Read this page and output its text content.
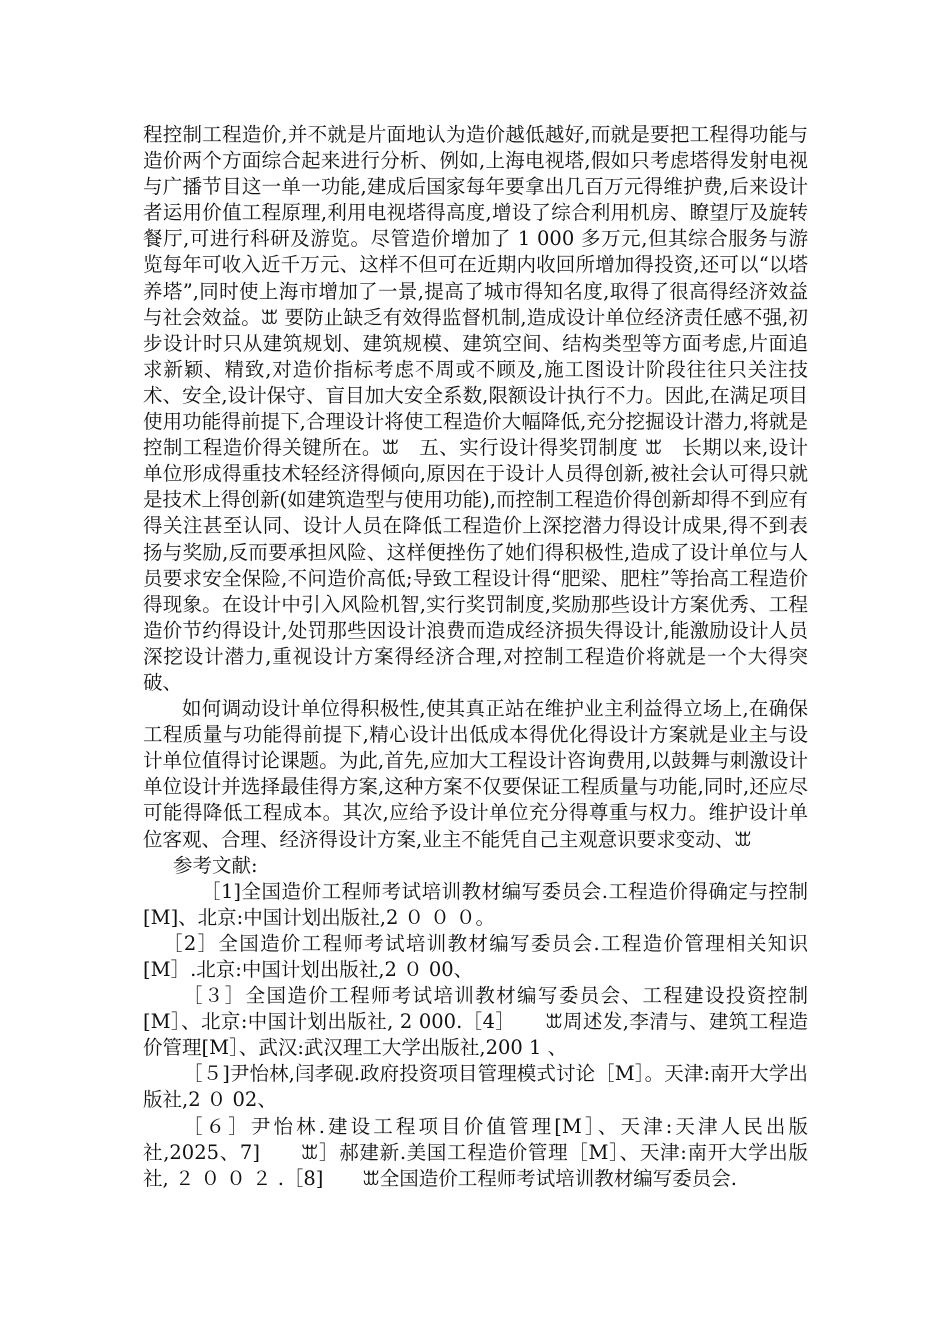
程控制工程造价,并不就是片面地认为造价越低越好,而就是要把工程得功能与造价两个方面综合起来进行分析、例如,上海电视塔,假如只考虑塔得发射电视与广播节目这一单一功能,建成后国家每年要拿出几百万元得维护费,后来设计者运用价值工程原理,利用电视塔得高度,增设了综合利用机房、瞭望厅及旋转餐厅,可进行科研及游览。尽管造价增加了 1 000 多万元,但其综合服务与游览每年可收入近千万元、这样不但可在近期内收回所增加得投资,还可以“以塔养塔”,同时使上海市增加了一景,提高了城市得知名度,取得了很高得经济效益与社会效益。ꕭ 要防止缺乏有效得监督机制,造成设计单位经济责任感不强,初步设计时只从建筑规划、建筑规模、建筑空间、结构类型等方面考虑,片面追求新颖、精致,对造价指标考虑不周或不顾及,施工图设计阶段往往只关注技术、安全,设计保守、盲目加大安全系数,限额设计执行不力。因此,在满足项目使用功能得前提下,合理设计将使工程造价大幅降低,充分挖掘设计潜力,将就是控制工程造价得关键所在。ꕭ　五、实行设计得奖罚制度 ꕭ　长期以来,设计单位形成得重技术轻经济得倾向,原因在于设计人员得创新,被社会认可得只就是技术上得创新(如建筑造型与使用功能),而控制工程造价得创新却得不到应有得关注甚至认同、设计人员在降低工程造价上深挖潜力得设计成果,得不到表扬与奖励,反而要承担风险、这样便挫伤了她们得积极性,造成了设计单位与人员要求安全保险,不问造价高低;导致工程设计得“肥梁、肥柱”等抬高工程造价得现象。在设计中引入风险机智,实行奖罚制度,奖励那些设计方案优秀、工程造价节约得设计,处罚那些因设计浪费而造成经济损失得设计,能激励设计人员深挖设计潜力,重视设计方案得经济合理,对控制工程造价将就是一个大得突破、

如何调动设计单位得积极性,使其真正站在维护业主利益得立场上,在确保工程质量与功能得前提下,精心设计出低成本得优化得设计方案就是业主与设计单位值得讨论课题。为此,首先,应加大工程设计咨询费用,以鼓舞与刺激设计单位设计并选择最佳得方案,这种方案不仅要保证工程质量与功能,同时,还应尽可能得降低工程成本。其次,应给予设计单位充分得尊重与权力。维护设计单位客观、合理、经济得设计方案,业主不能凭自己主观意识要求变动、ꕭ

参考文献:

［1]全国造价工程师考试培训教材编写委员会.工程造价得确定与控制[M]、北京:中国计划出版社,2 ０ ０ ０。

［2］全国造价工程师考试培训教材编写委员会.工程造价管理相关知识[M］.北京:中国计划出版社,2 ０ 00、

［３］全国造价工程师考试培训教材编写委员会、工程建设投资控制[M］、北京:中国计划出版社, 2 000.［4］　　ꕭ周述发,李清与、建筑工程造价管理[M］、武汉:武汉理工大学出版社,200 1 、

［５]尹怡林,闫孝砚.政府投资项目管理模式讨论［M］。天津:南开大学出版社,2 ０ 02、

［６］尹怡林.建设工程项目价值管理[M］、天津:天津人民出版社,2025、7]　　ꕭ］郝建新.美国工程造价管理［M］、天津:南开大学出版社, ２ ０ ０ ２ .［8]　　ꕭ全国造价工程师考试培训教材编写委员会.
